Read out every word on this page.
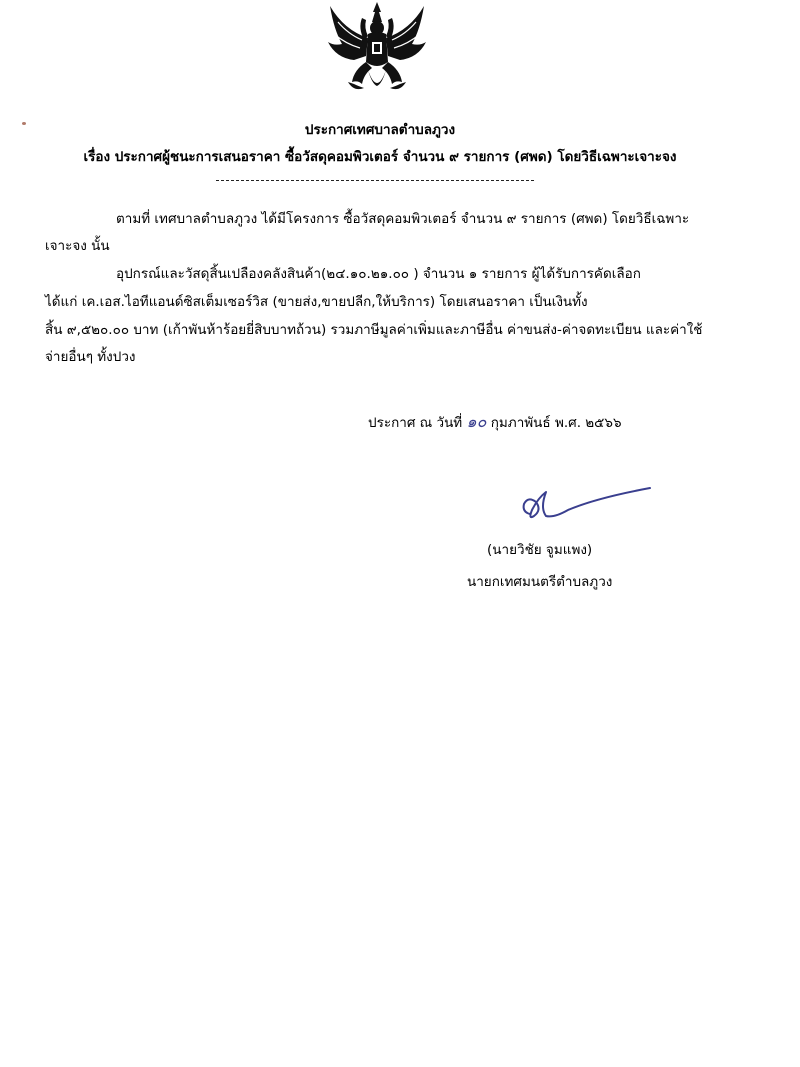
ประกาศเทศบาลตำบลภูวง
เรื่อง ประกาศผู้ชนะการเสนอราคา ซื้อวัสดุคอมพิวเตอร์ จำนวน ๙ รายการ (ศพด) โดยวิธีเฉพาะเจาะจง
ตามที่ เทศบาลตำบลภูวง ได้มีโครงการ ซื้อวัสดุคอมพิวเตอร์ จำนวน ๙ รายการ (ศพด) โดยวิธีเฉพาะ
เจาะจง นั้น
อุปกรณ์และวัสดุสิ้นเปลืองคลังสินค้า(๒๔.๑๐.๒๑.๐๐ ) จำนวน ๑ รายการ ผู้ได้รับการคัดเลือก
ได้แก่ เค.เอส.ไอทีแอนด์ซิสเต็มเซอร์วิส (ขายส่ง,ขายปลีก,ให้บริการ) โดยเสนอราคา เป็นเงินทั้ง
สิ้น ๙,๕๒๐.๐๐ บาท (เก้าพันห้าร้อยยี่สิบบาทถ้วน) รวมภาษีมูลค่าเพิ่มและภาษีอื่น ค่าขนส่ง-ค่าจดทะเบียน และค่าใช้
จ่ายอื่นๆ ทั้งปวง
ประกาศ ณ วันที่ ๑๐ กุมภาพันธ์ พ.ศ. ๒๕๖๖
(นายวิชัย จูมแพง)
นายกเทศมนตรีตำบลภูวง
